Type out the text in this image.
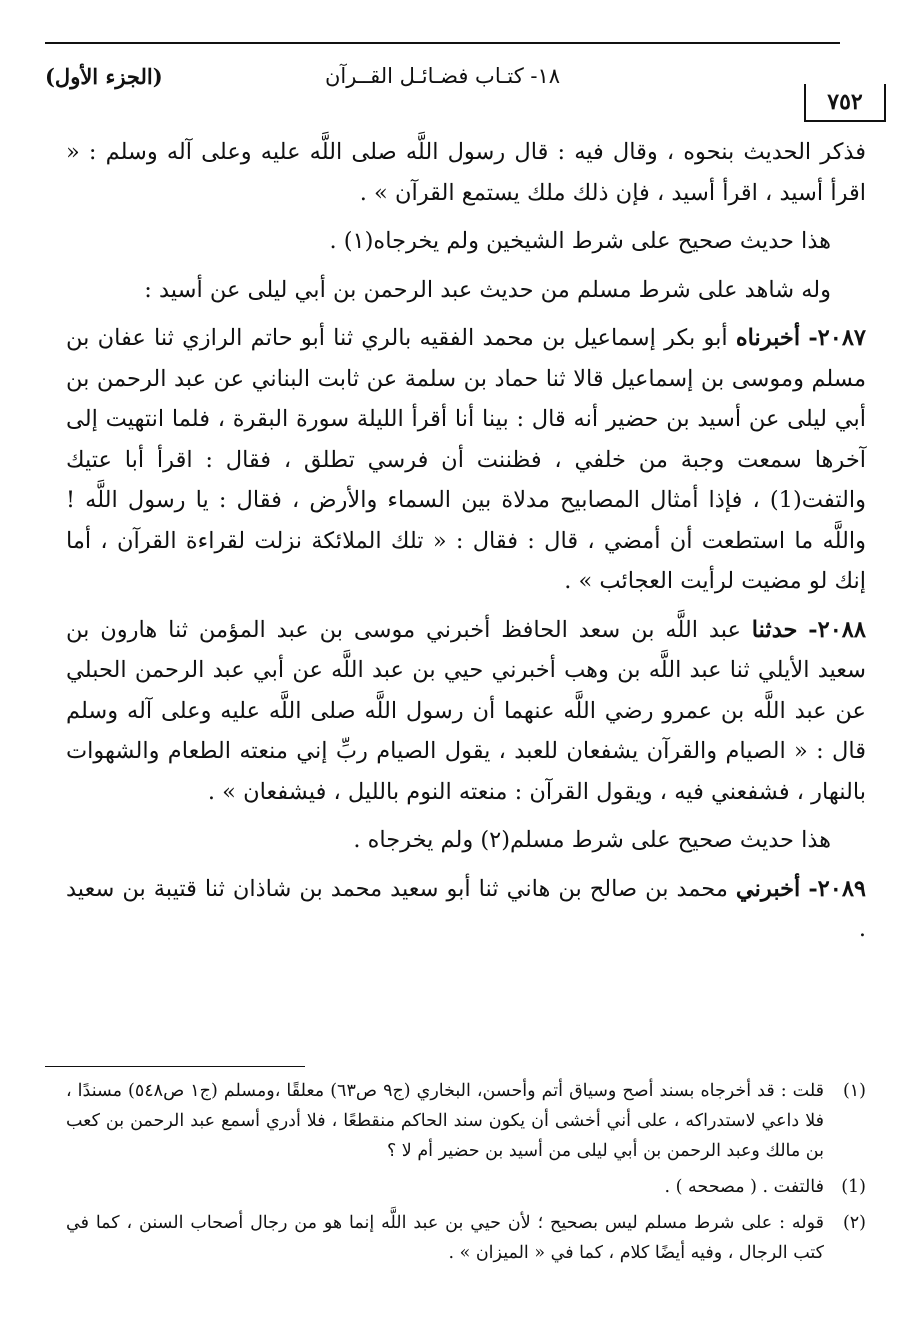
١٨- كتـاب فضـائـل القــرآن
(الجزء الأول)
٧٥٢

فذكر الحديث بنحوه ، وقال فيه : قال رسول اللَّه صلى اللَّه عليه وعلى آله وسلم : « اقرأ أسيد ، اقرأ أسيد ، فإن ذلك ملك يستمع القرآن » .

هذا حديث صحيح على شرط الشيخين ولم يخرجاه(١) .

وله شاهد على شرط مسلم من حديث عبد الرحمن بن أبي ليلى عن أسيد :

٢٠٨٧- أخبرناه أبو بكر إسماعيل بن محمد الفقيه بالري ثنا أبو حاتم الرازي ثنا عفان بن مسلم وموسى بن إسماعيل قالا ثنا حماد بن سلمة عن ثابت البناني عن عبد الرحمن بن أبي ليلى عن أسيد بن حضير أنه قال : بينا أنا أقرأ الليلة سورة البقرة ، فلما انتهيت إلى آخرها سمعت وجبة من خلفي ، فظننت أن فرسي تطلق ، فقال : اقرأ أبا عتيك والتفت(1) ، فإذا أمثال المصابيح مدلاة بين السماء والأرض ، فقال : يا رسول اللَّه ! واللَّه ما استطعت أن أمضي ، قال : فقال : « تلك الملائكة نزلت لقراءة القرآن ، أما إنك لو مضيت لرأيت العجائب » .

٢٠٨٨- حدثنا عبد اللَّه بن سعد الحافظ أخبرني موسى بن عبد المؤمن ثنا هارون بن سعيد الأيلي ثنا عبد اللَّه بن وهب أخبرني حيي بن عبد اللَّه عن أبي عبد الرحمن الحبلي عن عبد اللَّه بن عمرو رضي اللَّه عنهما أن رسول اللَّه صلى اللَّه عليه وعلى آله وسلم قال : « الصيام والقرآن يشفعان للعبد ، يقول الصيام ربِّ إني منعته الطعام والشهوات بالنهار ، فشفعني فيه ، ويقول القرآن : منعته النوم بالليل ، فيشفعان » .

هذا حديث صحيح على شرط مسلم(٢) ولم يخرجاه .

٢٠٨٩- أخبرني محمد بن صالح بن هاني ثنا أبو سعيد محمد بن شاذان ثنا قتيبة بن سعيد .

(١)
قلت : قد أخرجاه بسند أصح وسياق أتم وأحسن، البخاري (ج٩ ص٦٣) معلقًا ،ومسلم (ج١ ص٥٤٨) مسندًا ، فلا داعي لاستدراكه ، على أني أخشى أن يكون سند الحاكم منقطعًا ، فلا أدري أسمع عبد الرحمن بن كعب بن مالك وعبد الرحمن بن أبي ليلى من أسيد بن حضير أم لا ؟
(1)
فالتفت . ( مصححه ) .
(٢)
قوله : على شرط مسلم ليس بصحيح ؛ لأن حيي بن عبد اللَّه إنما هو من رجال أصحاب السنن ، كما في كتب الرجال ، وفيه أيضًا كلام ، كما في « الميزان » .
